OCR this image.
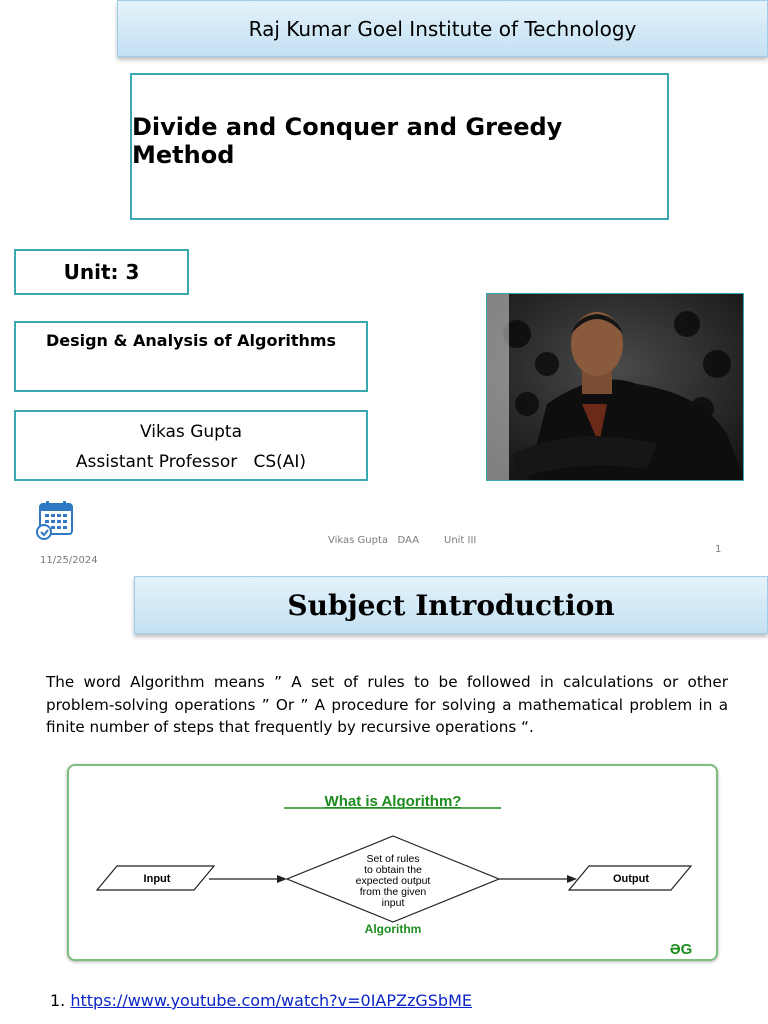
Raj Kumar Goel Institute of Technology
Divide and Conquer and Greedy Method
Unit: 3
Design & Analysis of Algorithms
Vikas Gupta
Assistant Professor   CS(AI)
Vikas Gupta   DAA Unit III
11/25/2024
1
Subject Introduction
The word Algorithm means ” A set of rules to be followed in calculations or other problem-solving operations ” Or ” A procedure for solving a mathematical problem in a finite number of steps that frequently by recursive operations “.
What is Algorithm?
Input
Set of rules
to obtain the
expected output
from the given
input
Output
Algorithm
ƏG
1. https://www.youtube.com/watch?v=0IAPZzGSbME
